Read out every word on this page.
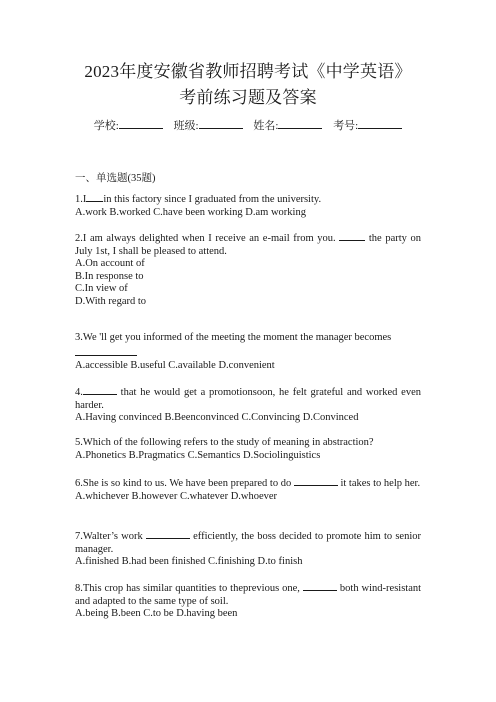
2023年度安徽省教师招聘考试《中学英语》
考前练习题及答案
学校:	班级:	姓名:	考号:
一、单选题(35题)

1.I in this factory since I graduated from the university.

A.work B.worked C.have been working D.am working

2.I am always delighted when I receive an e-mail from you.	the party on July 1st, I shall be pleased to attend.

A.On account of

B.In response to

C.In view of

D.With regard to

3.We 'll get you informed of the meeting the moment the manager becomes

A.accessible B.useful C.available D.convenient

4.	that he would get a promotionsoon, he felt grateful and worked even harder.

A.Having convinced B.Beenconvinced C.Convincing D.Convinced

5.Which of the following refers to the study of meaning in abstraction?

A.Phonetics B.Pragmatics C.Semantics D.Sociolinguistics

6.She is so kind to us. We have been prepared to do	it takes to help her.

A.whichever B.however C.whatever D.whoever

7.Walter’s work	efficiently, the boss decided to promote him to senior manager.

A.finished B.had been finished C.finishing D.to finish

8.This crop has similar quantities to theprevious one,	both wind-resistant and adapted to the same type of soil.

A.being B.been C.to be D.having been
